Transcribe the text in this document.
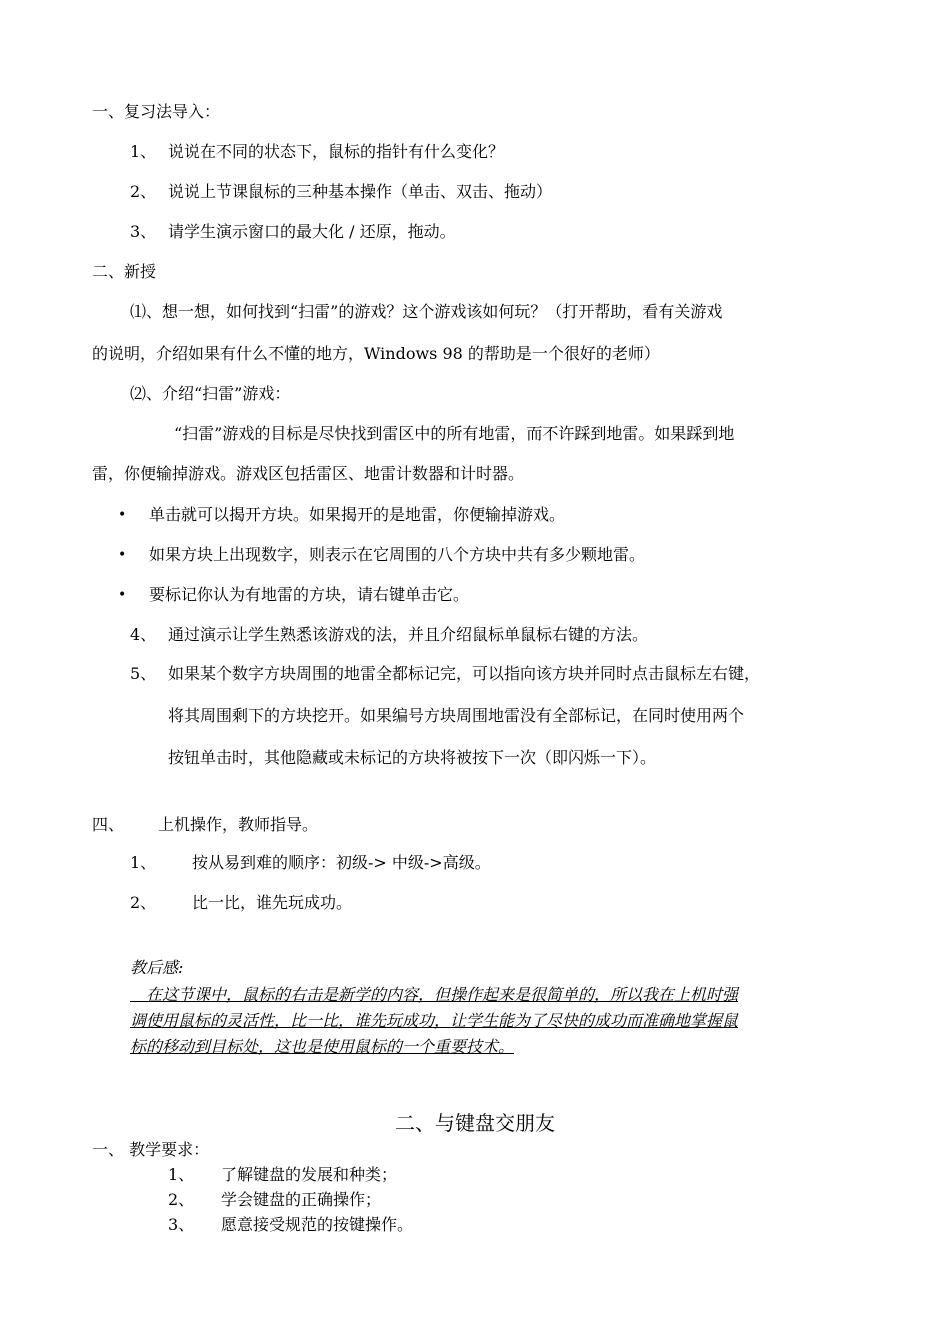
一、复习法导入：
1、 说说在不同的状态下，鼠标的指针有什么变化？
2、 说说上节课鼠标的三种基本操作（单击、双击、拖动）
3、 请学生演示窗口的最大化 / 还原，拖动。
二、新授
⑴、想一想，如何找到“扫雷”的游戏？这个游戏该如何玩？（打开帮助，看有关游戏
的说明，介绍如果有什么不懂的地方，Windows 98 的帮助是一个很好的老师）
⑵、介绍“扫雷”游戏：
“扫雷”游戏的目标是尽快找到雷区中的所有地雷，而不许踩到地雷。如果踩到地
雷，你便输掉游戏。游戏区包括雷区、地雷计数器和计时器。
• 单击就可以揭开方块。如果揭开的是地雷，你便输掉游戏。
• 如果方块上出现数字，则表示在它周围的八个方块中共有多少颗地雷。
• 要标记你认为有地雷的方块，请右键单击它。
4、 通过演示让学生熟悉该游戏的法，并且介绍鼠标单鼠标右键的方法。
5、 如果某个数字方块周围的地雷全都标记完，可以指向该方块并同时点击鼠标左右键，
将其周围剩下的方块挖开。如果编号方块周围地雷没有全部标记，在同时使用两个
按钮单击时，其他隐藏或未标记的方块将被按下一次（即闪烁一下）。
四、 上机操作，教师指导。
1、 按从易到难的顺序：初级-> 中级->高级。
2、 比一比，谁先玩成功。
教后感:
　在这节课中，鼠标的右击是新学的内容，但操作起来是很简单的，所以我在上机时强
调使用鼠标的灵活性，比一比，谁先玩成功，让学生能为了尽快的成功而准确地掌握鼠
标的移动到目标处，这也是使用鼠标的一个重要技术。
二、与键盘交朋友
一、 教学要求：
1、 了解键盘的发展和种类；
2、 学会键盘的正确操作；
3、 愿意接受规范的按键操作。
